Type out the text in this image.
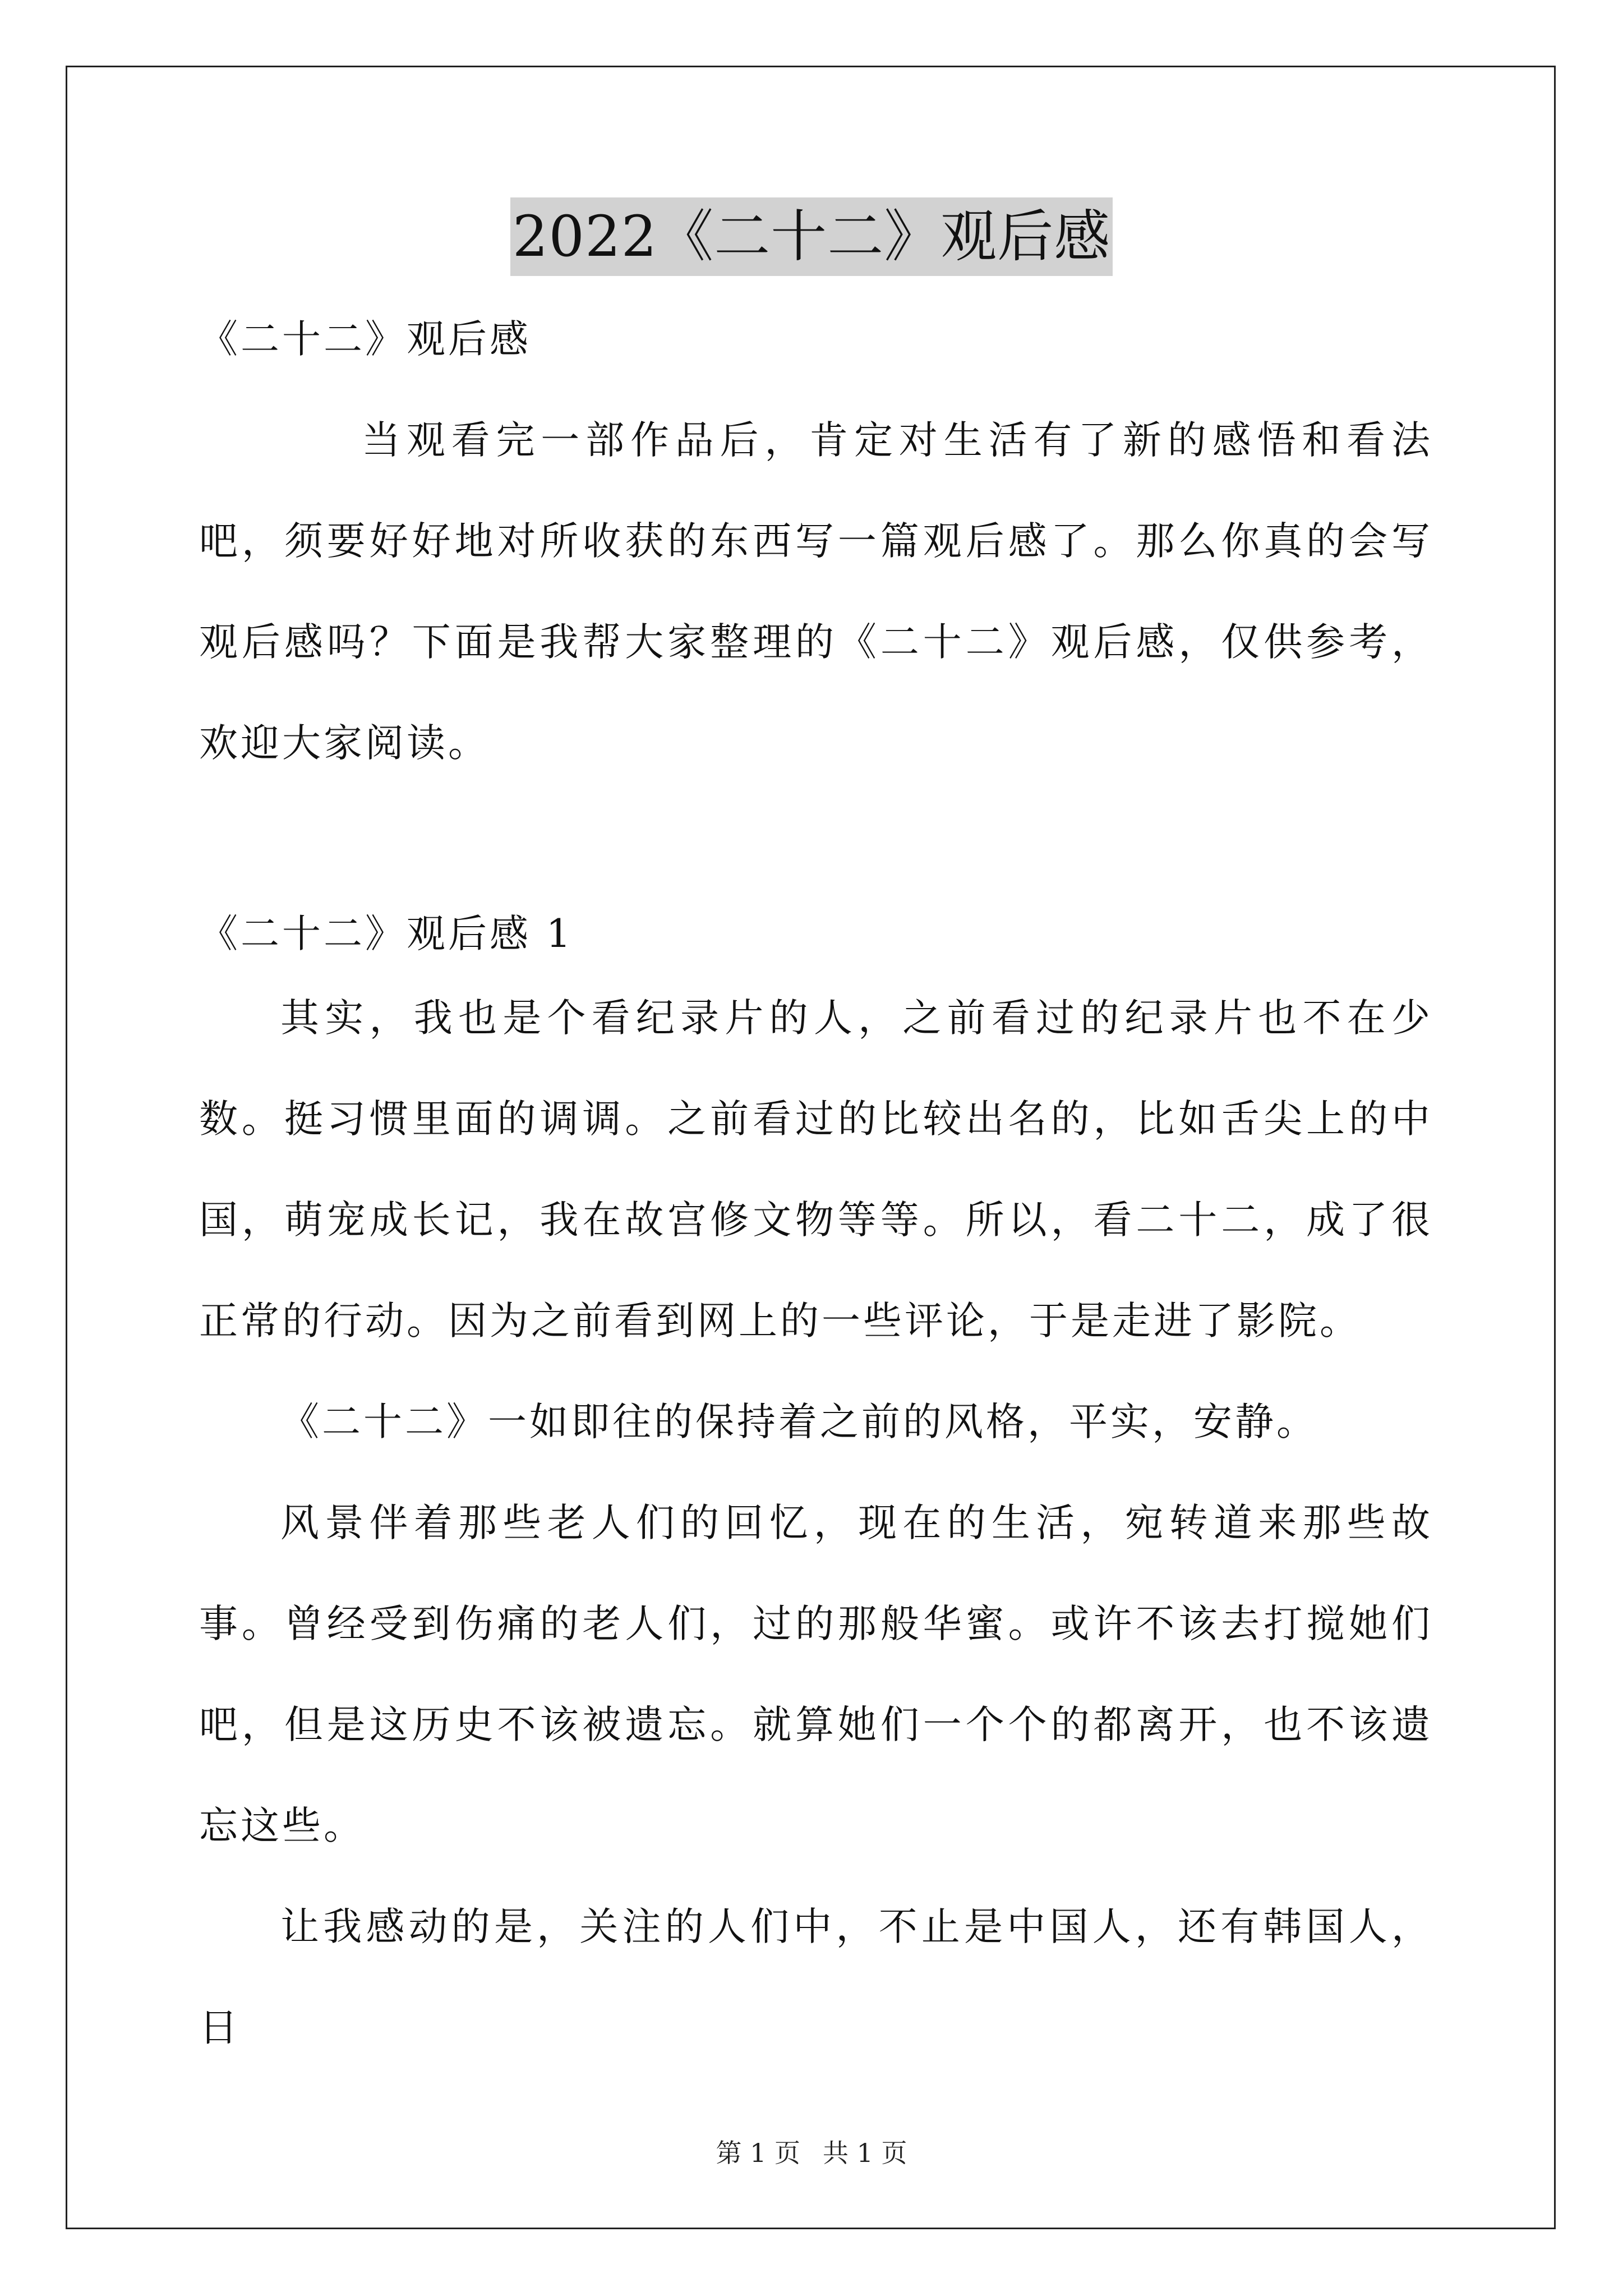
2022《二十二》观后感

《二十二》观后感

当观看完一部作品后，肯定对生活有了新的感悟和看法吧，须要好好地对所收获的东西写一篇观后感了。那么你真的会写观后感吗？下面是我帮大家整理的《二十二》观后感，仅供参考，欢迎大家阅读。

《二十二》观后感 1

其实，我也是个看纪录片的人，之前看过的纪录片也不在少数。挺习惯里面的调调。之前看过的比较出名的，比如舌尖上的中国，萌宠成长记，我在故宫修文物等等。所以，看二十二，成了很正常的行动。因为之前看到网上的一些评论，于是走进了影院。

《二十二》一如即往的保持着之前的风格，平实，安静。

风景伴着那些老人们的回忆，现在的生活，宛转道来那些故事。曾经受到伤痛的老人们，过的那般华蜜。或许不该去打搅她们吧，但是这历史不该被遗忘。就算她们一个个的都离开，也不该遗忘这些。

让我感动的是，关注的人们中，不止是中国人，还有韩国人，日

第 1 页 共 1 页
